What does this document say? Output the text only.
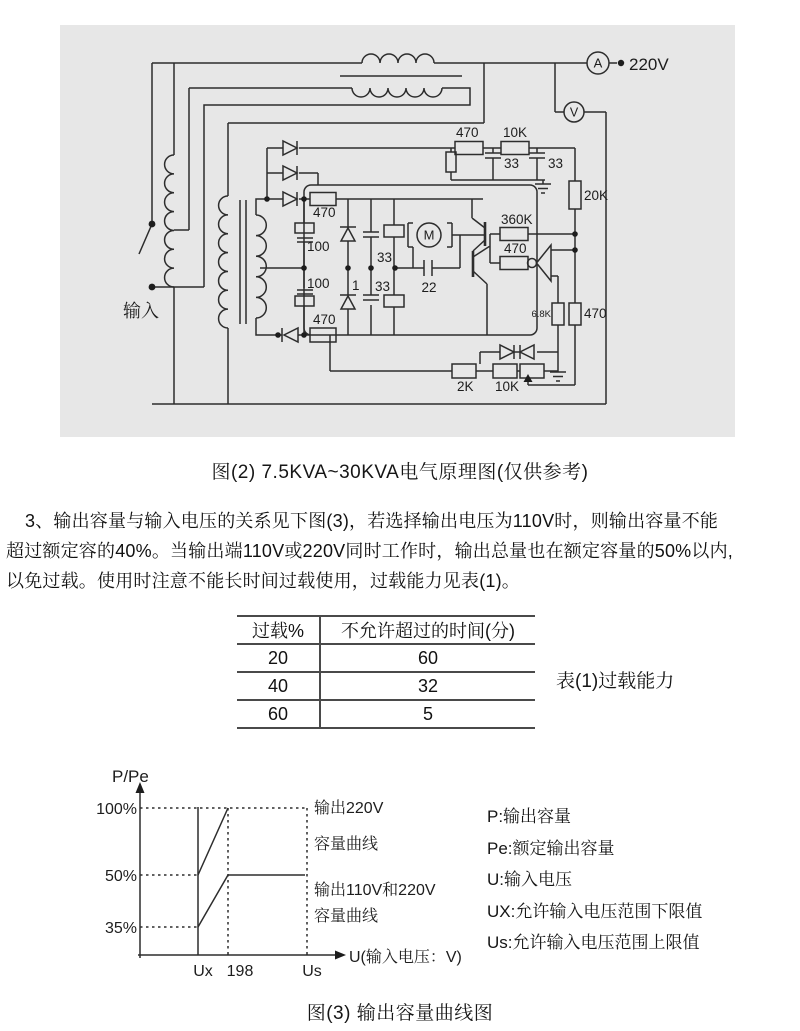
输入
220V
A
V
M
470 10K
33 33
20K
360K
470
6.8K 470
470
100
100
470
1
33
33 22
2K 10K
图(2) 7.5KVA~30KVA电气原理图(仅供参考)
3、输出容量与输入电压的关系见下图(3)，若选择输出电压为110V时，则输出容量不能
超过额定容的40%。当输出端110V或220V同时工作时，输出总量也在额定容量的50%以内,
以免过载。使用时注意不能长时间过载使用，过载能力见表(1)。
过载%	不允许超过的时间(分)
20	60
40	32
60	5
表(1)过载能力
P/Pe
100%
50%
35%
Ux 198	Us
U(输入电压：V)
输出220V
容量曲线
输出110V和220V
容量曲线
P:输出容量
Pe:额定输出容量
U:输入电压
UX:允许输入电压范围下限值
Us:允许输入电压范围上限值
图(3) 输出容量曲线图
